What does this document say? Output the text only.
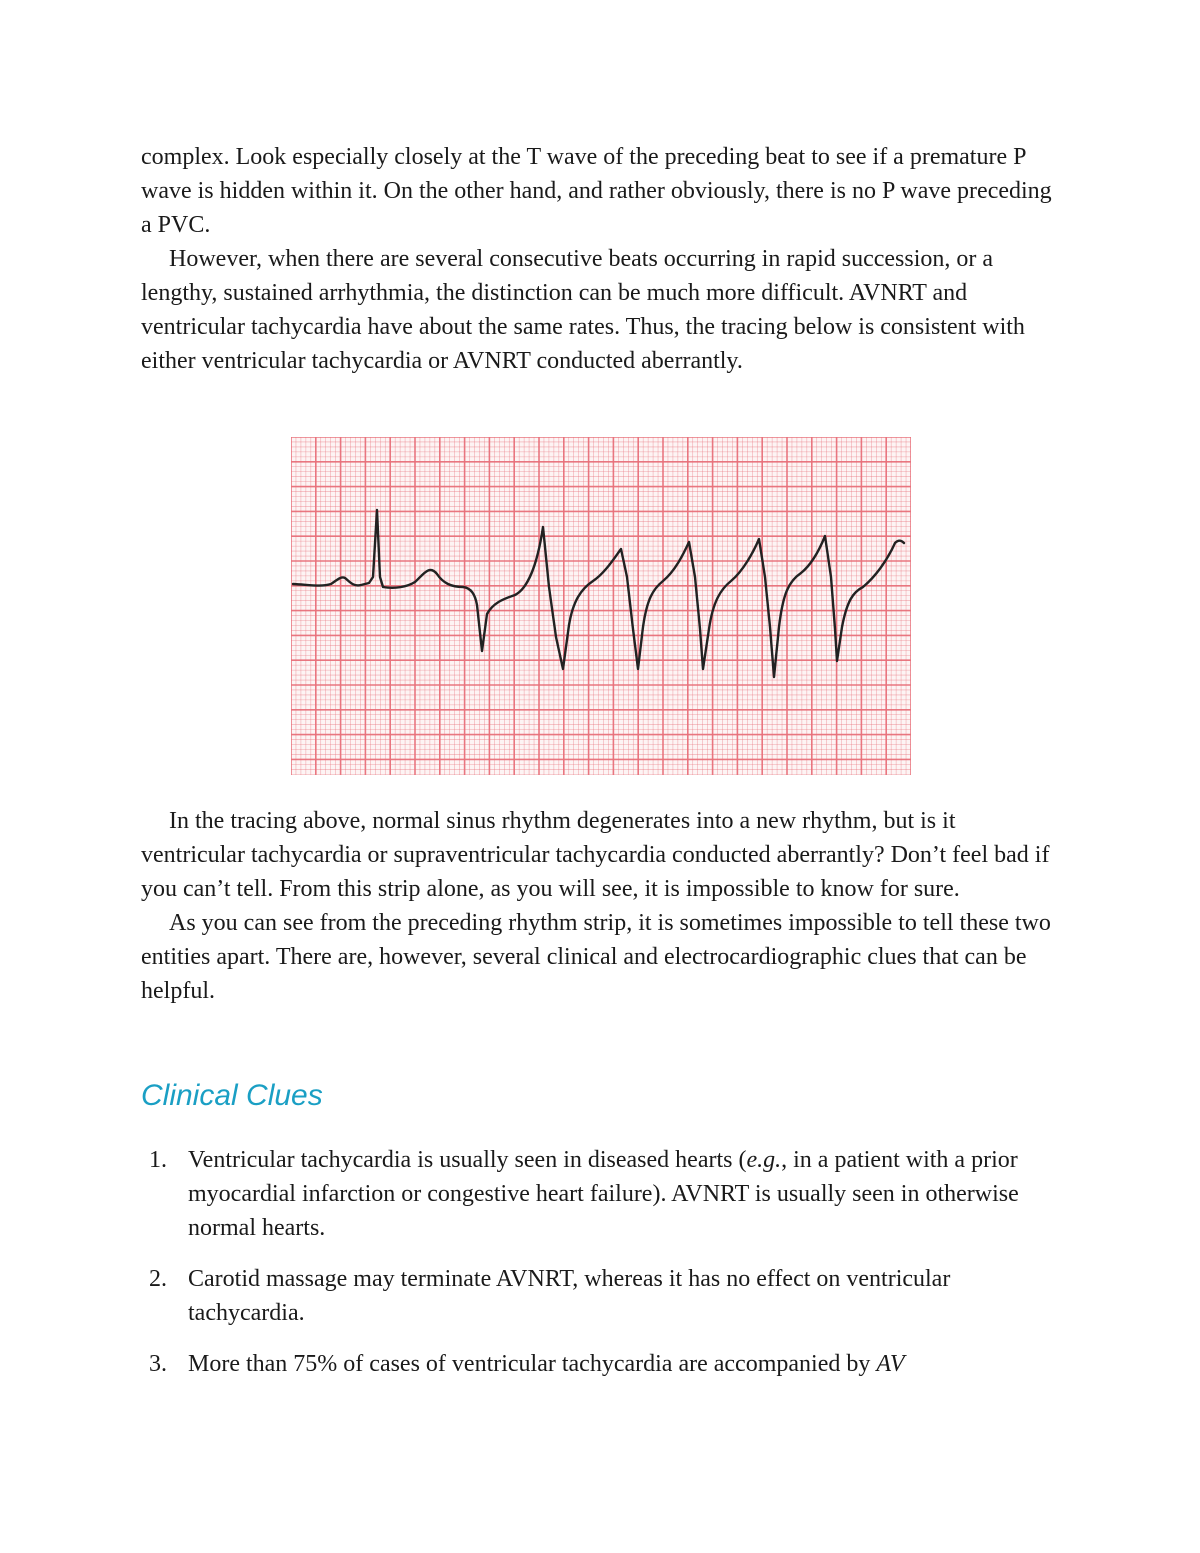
complex. Look especially closely at the T wave of the preceding beat to see if a premature P wave is hidden within it. On the other hand, and rather obviously, there is no P wave preceding a PVC.

However, when there are several consecutive beats occurring in rapid succession, or a lengthy, sustained arrhythmia, the distinction can be much more difficult. AVNRT and ventricular tachycardia have about the same rates. Thus, the tracing below is consistent with either ventricular tachycardia or AVNRT conducted aberrantly.

In the tracing above, normal sinus rhythm degenerates into a new rhythm, but is it ventricular tachycardia or supraventricular tachycardia conducted aberrantly? Don’t feel bad if you can’t tell. From this strip alone, as you will see, it is impossible to know for sure.

As you can see from the preceding rhythm strip, it is sometimes impossible to tell these two entities apart. There are, however, several clinical and electrocardiographic clues that can be helpful.

Clinical Clues
1. Ventricular tachycardia is usually seen in diseased hearts (e.g., in a patient with a prior myocardial infarction or congestive heart failure). AVNRT is usually seen in otherwise normal hearts.
2. Carotid massage may terminate AVNRT, whereas it has no effect on ventricular tachycardia.
3. More than 75% of cases of ventricular tachycardia are accompanied by AV
